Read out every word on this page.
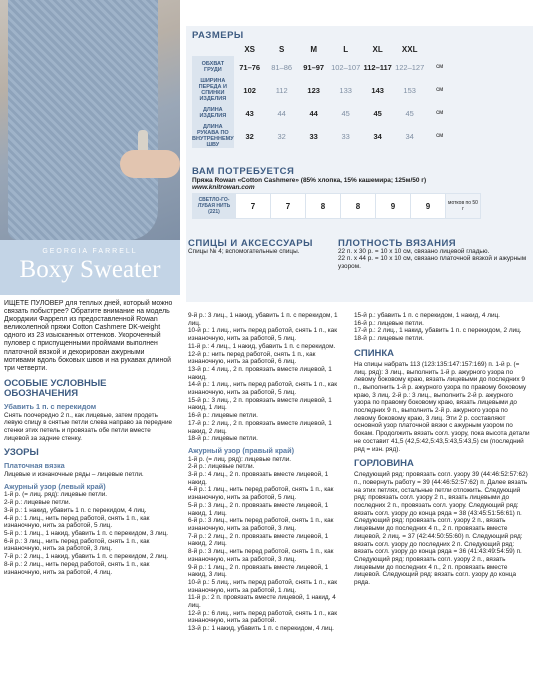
GEORGIA FARRELL
Boxy Sweater
РАЗМЕРЫ
	XS	S	M	L	XL	XXL	
ОБХВАТ ГРУДИ	71–76	81–86	91–97	102–107	112–117	122–127	см
ШИРИНА ПЕРЕДА И СПИНКИ ИЗДЕЛИЯ	102	112	123	133	143	153	см
ДЛИНА ИЗДЕЛИЯ	43	44	44	45	45	45	см
ДЛИНА РУКАВА ПО ВНУТРЕННЕМУ ШВУ	32	32	33	33	34	34	см
ВАМ ПОТРЕБУЕТСЯ
Пряжа Rowan «Cotton Cashmere» (85% хлопка, 15% кашемира; 125м/50 г)
www.knitrowan.com
СВЕТЛО-ГО-ЛУБАЯ НИТЬ (221)	7	7	8	8	9	9	мотков по 50 г
СПИЦЫ И АКСЕССУАРЫ

Спицы № 4; вспомогательные спицы.

ПЛОТНОСТЬ ВЯЗАНИЯ

22 п. х 30 р. = 10 х 10 см, связано лицевой гладью.

22 п. х 44 р. = 10 х 10 см, связано платочной вязкой и ажурным узором.

ИЩЕТЕ ПУЛОВЕР для теплых дней, который можно связать побыстрее? Обратите внимание на модель Джорджии Фаррелл из предоставленной Rowan великолепной пряжи Cotton Cashmere DK-weight одного из 23 изысканных оттенков. Укороченный пуловер с приспущенными проймами выполнен платочной вязкой и декорирован ажурными мотивами вдоль боковых швов и на рукавах длиной три четверти.

ОСОБЫЕ УСЛОВНЫЕ ОБОЗНАЧЕНИЯ
Убавить 1 п. с перекидом

Снять поочередно 2 п., как лицевые, затем продеть левую спицу в снятые петли слева направо за передние стенки этих петель и провязать обе петли вместе лицевой за задние стенку.

УЗОРЫ
Платочная вязка

Лицевые и изнаночные ряды – лицевые петли.

Ажурный узор (левый край)

1-й р. (= лиц. ряд): лицевые петли.

2-й р.: лицевые петли.

3-й р.: 1 накид, убавить 1 п. с перекидом, 4 лиц.

4-й р.: 1 лиц., нить перед работой, снять 1 п., как изнаночную, нить за работой, 5 лиц.

5-й р.: 1 лиц., 1 накид, убавить 1 п. с перекидом, 3 лиц.

6-й р.: 3 лиц., нить перед работой, снять 1 п., как изнаночную, нить за работой, 3 лиц.

7-й р.: 2 лиц., 1 накид, убавить 1 п. с перекидом, 2 лиц.

8-й р.: 2 лиц., нить перед работой, снять 1 п., как изнаночную, нить за работой, 4 лиц.

9-й р.: 3 лиц., 1 накид, убавить 1 п. с перекидом, 1 лиц.

10-й р.: 1 лиц., нить перед работой, снять 1 п., как изнаночную, нить за работой, 5 лиц.

11-й р.: 4 лиц., 1 накид, убавить 1 п. с перекидом.

12-й р.: нить перед работой, снять 1 п., как изнаночную, нить за работой, 6 лиц.

13-й р.: 4 лиц., 2 п. провязать вместе лицевой, 1 накид.

14-й р.: 1 лиц., нить перед работой, снять 1 п., как изнаночную, нить за работой, 5 лиц.

15-й р.: 3 лиц., 2 п. провязать вместе лицевой, 1 накид, 1 лиц.

16-й р.: лицевые петли.

17-й р.: 2 лиц., 2 п. провязать вместе лицевой, 1 накид, 2 лиц.

18-й р.: лицевые петли.

Ажурный узор (правый край)

1-й р. (= лиц. ряд): лицевые петли.

2-й р.: лицевые петли.

3-й р.: 4 лиц., 2 п. провязать вместе лицевой, 1 накид.

4-й р.: 1 лиц., нить перед работой, снять 1 п., как изнаночную, нить за работой, 5 лиц.

5-й р.: 3 лиц., 2 п. провязать вместе лицевой, 1 накид, 1 лиц.

6-й р.: 3 лиц., нить перед работой, снять 1 п., как изнаночную, нить за работой, 3 лиц.

7-й р.: 2 лиц., 2 п. провязать вместе лицевой, 1 накид, 2 лиц.

8-й р.: 3 лиц., нить перед работой, снять 1 п., как изнаночную, нить за работой, 3 лиц.

9-й р.: 1 лиц., 2 п. провязать вместе лицевой, 1 накид, 3 лиц.

10-й р.: 5 лиц., нить перед работой, снять 1 п., как изнаночную, нить за работой, 1 лиц.

11-й р.: 2 п. провязать вместе лицевой, 1 накид, 4 лиц.

12-й р.: 6 лиц., нить перед работой, снять 1 п., как изнаночную, нить за работой.

13-й р.: 1 накид, убавить 1 п. с перекидом, 4 лиц.

15-й р.: убавить 1 п. с перекидом, 1 накид, 4 лиц.

16-й р.: лицевые петли.

17-й р.: 2 лиц., 1 накид, убавить 1 п. с перекидом, 2 лиц.

18-й р.: лицевые петли.

СПИНКА

На спицы набрать 113 (123:135:147:157:169) п. 1-й р. (= лиц. ряд): 3 лиц., выполнить 1-й р. ажурного узора по левому боковому краю, вязать лицевыми до последних 9 п., выполнить 1-й р. ажурного узора по правому боковому краю, 3 лиц. 2-й р.: 3 лиц., выполнить 2-й р. ажурного узора по правому боковому краю, вязать лицевыми до последних 9 п., выполнить 2-й р. ажурного узора по левому боковому краю, 3 лиц. Эти 2 р. составляют основной узор платочной вязки с ажурным узором по бокам. Продолжить вязать согл. узору, пока высота детали не составит 41,5 (42,5:42,5:43,5:43,5:43,5) см (последний ряд = изн. ряд).

ГОРЛОВИНА

Следующий ряд: провязать согл. узору 39 (44:46:52:57:62) п., повернуть работу = 39 (44:46:52:57:62) п. Далее вязать на этих петлях, остальные петли отложить. Следующий ряд: провязать согл. узору 2 п., вязать лицевыми до последних 2 п., провязать согл. узору. Следующий ряд: вязать согл. узору до конца ряда = 38 (43:45:51:56:61) п. Следующий ряд: провязать согл. узору 2 п., вязать лицевыми до последних 4 п., 2 п. провязать вместе лицевой, 2 лиц. = 37 (42:44:50:55:60) п. Следующий ряд: вязать согл. узору до последних 2 п. Следующий ряд: вязать согл. узору до конца ряда = 36 (41:43:49:54:59) п. Следующий ряд: провязать согл. узору 2 п., вязать лицевыми до последних 4 п., 2 п. провязать вместе лицевой. Следующий ряд: вязать согл. узору до конца ряда.
